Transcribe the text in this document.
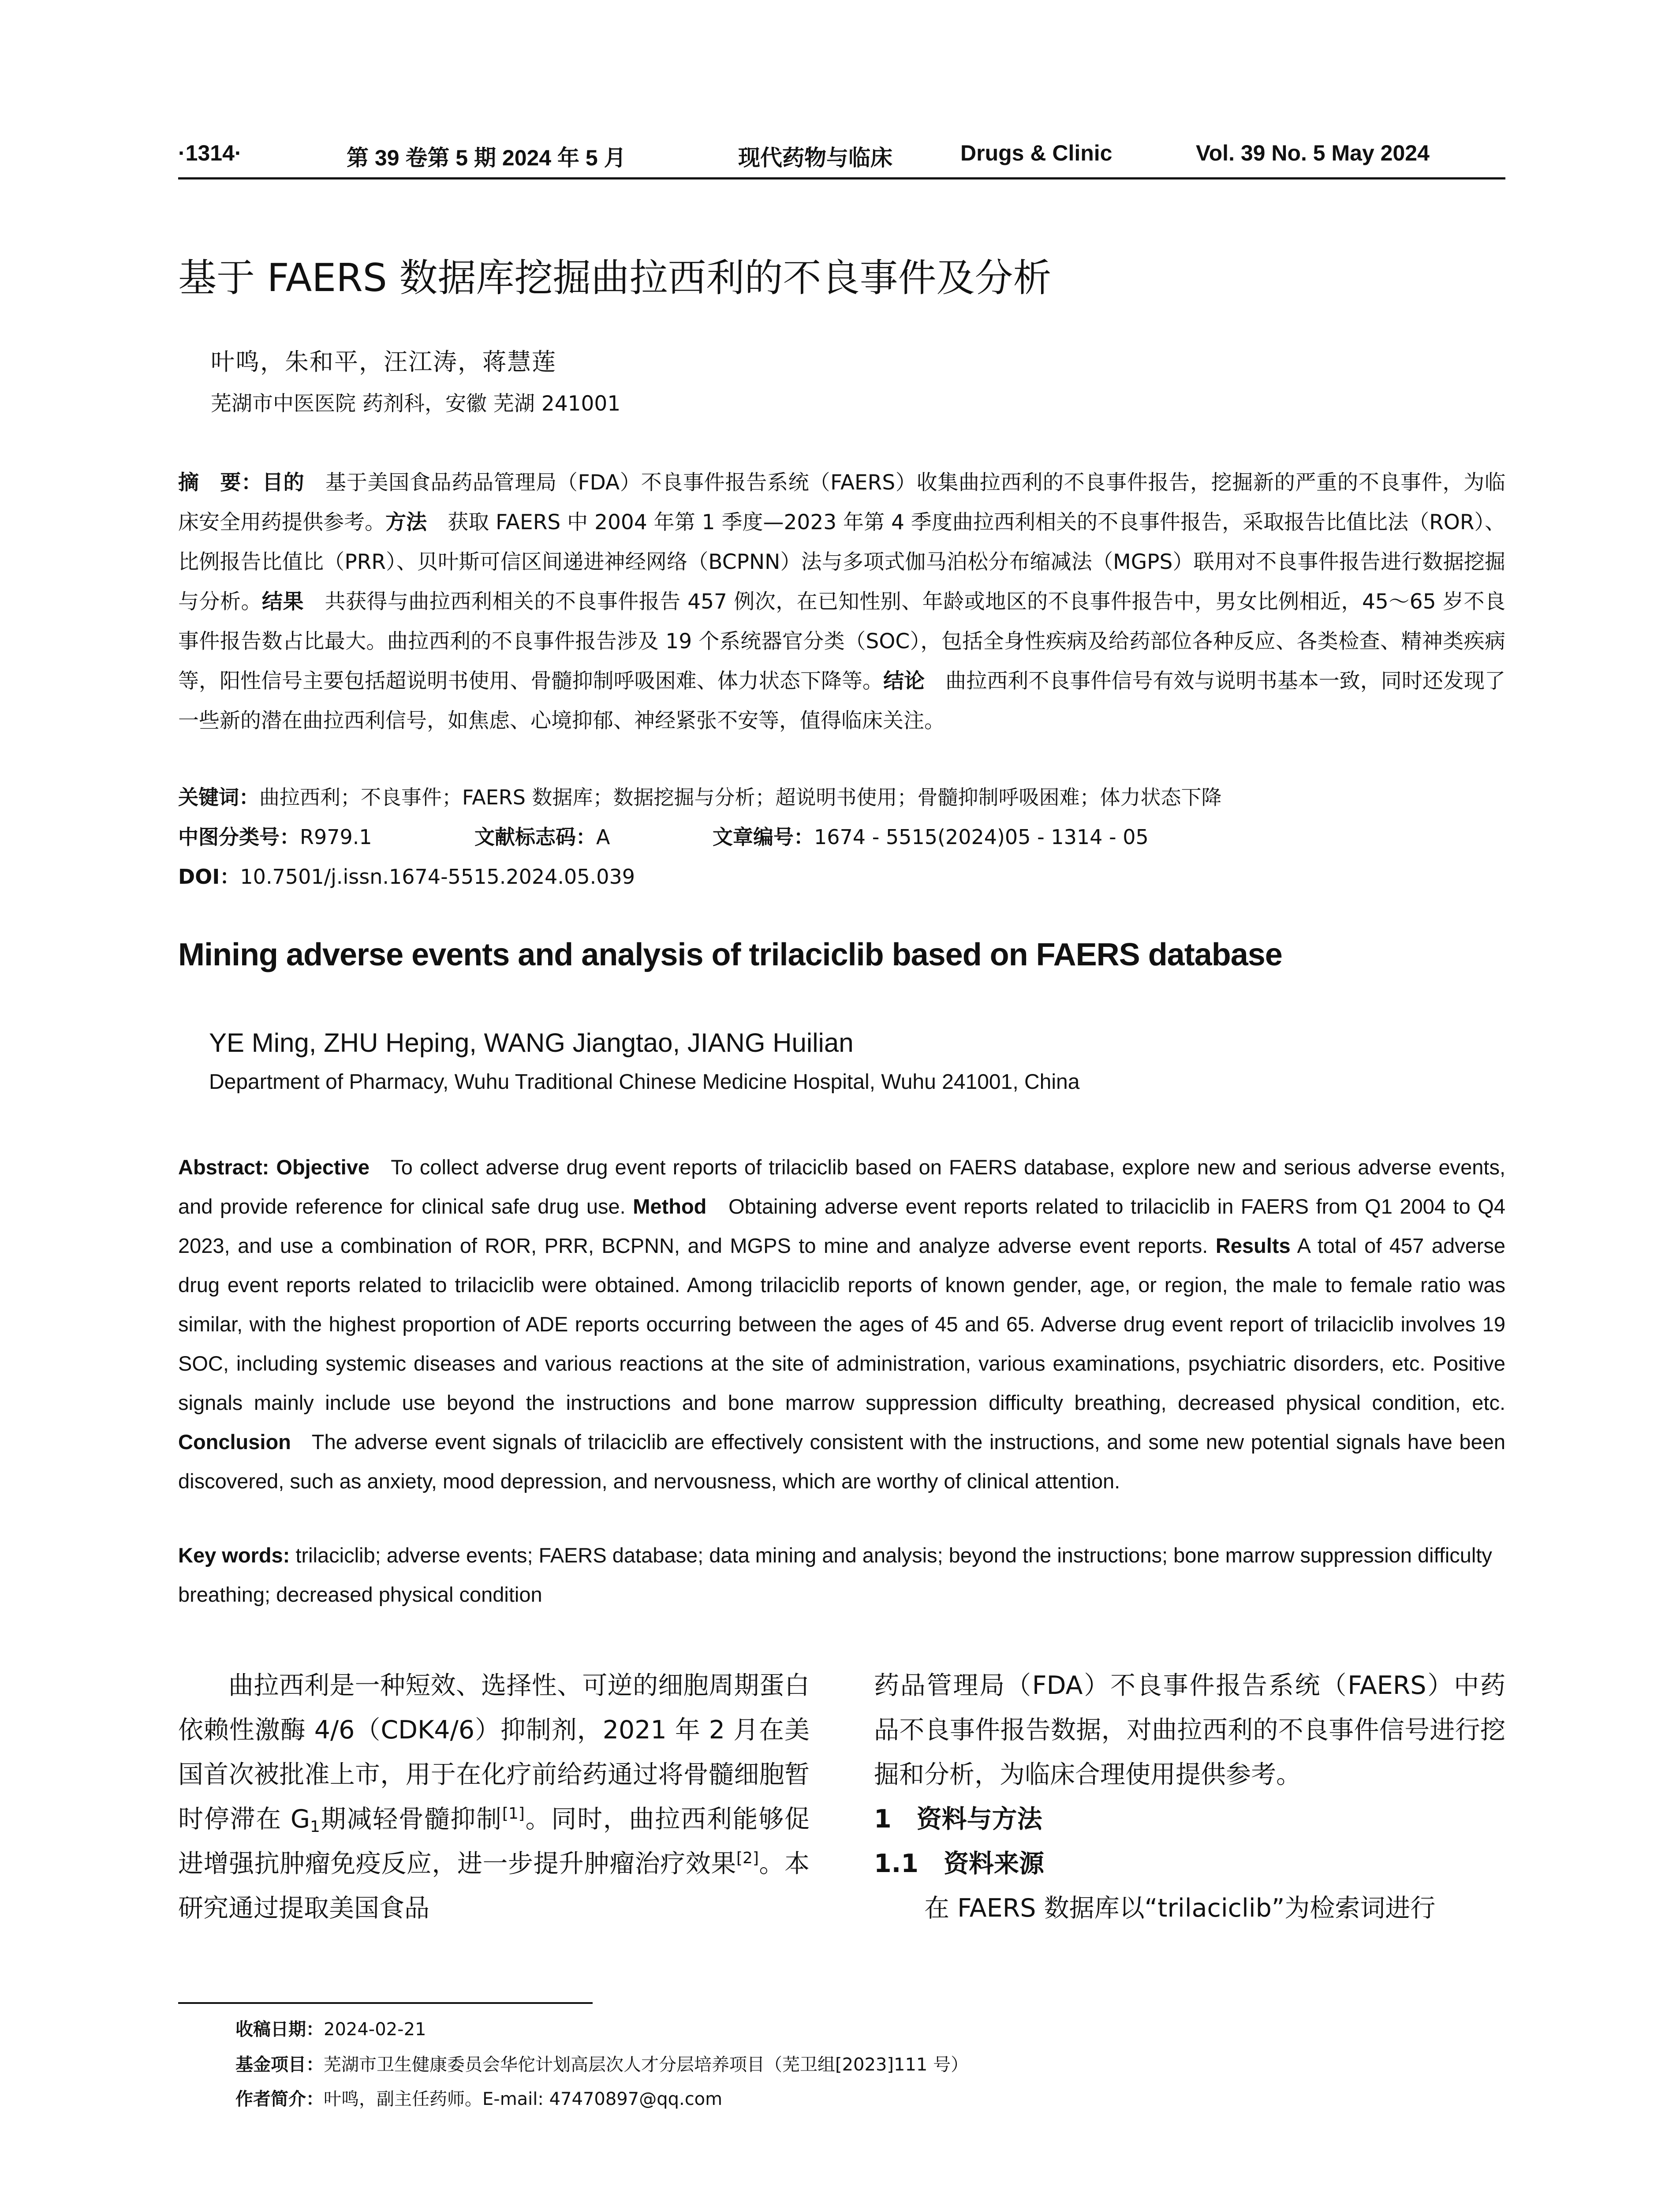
·1314·	第 39 卷第 5 期 2024 年 5 月	现代药物与临床	Drugs & Clinic	Vol. 39 No. 5 May 2024
基于 FAERS 数据库挖掘曲拉西利的不良事件及分析
叶鸣，朱和平，汪江涛，蒋慧莲
芜湖市中医医院 药剂科，安徽 芜湖 241001
摘　要：目的　 基于美国食品药品管理局（FDA）不良事件报告系统（FAERS）收集曲拉西利的不良事件报告，挖掘新的严重的不良事件，为临床安全用药提供参考。方法　 获取 FAERS 中 2004 年第 1 季度—2023 年第 4 季度曲拉西利相关的不良事件报告，采取报告比值比法（ROR）、比例报告比值比（PRR）、贝叶斯可信区间递进神经网络（BCPNN）法与多项式伽马泊松分布缩减法（MGPS）联用对不良事件报告进行数据挖掘与分析。结果　 共获得与曲拉西利相关的不良事件报告 457 例次，在已知性别、年龄或地区的不良事件报告中，男女比例相近，45～65 岁不良事件报告数占比最大。曲拉西利的不良事件报告涉及 19 个系统器官分类（SOC），包括全身性疾病及给药部位各种反应、各类检查、精神类疾病等，阳性信号主要包括超说明书使用、骨髓抑制呼吸困难、体力状态下降等。结论　 曲拉西利不良事件信号有效与说明书基本一致，同时还发现了一些新的潜在曲拉西利信号，如焦虑、心境抑郁、神经紧张不安等，值得临床关注。
关键词：曲拉西利；不良事件；FAERS 数据库；数据挖掘与分析；超说明书使用；骨髓抑制呼吸困难；体力状态下降
中图分类号：R979.1	文献标志码：A	文章编号：1674 - 5515(2024)05 - 1314 - 05
DOI：10.7501/j.issn.1674-5515.2024.05.039
Mining adverse events and analysis of trilaciclib based on FAERS database
YE Ming, ZHU Heping, WANG Jiangtao, JIANG Huilian
Department of Pharmacy, Wuhu Traditional Chinese Medicine Hospital, Wuhu 241001, China
Abstract: Objective To collect adverse drug event reports of trilaciclib based on FAERS database, explore new and serious adverse events, and provide reference for clinical safe drug use. Method Obtaining adverse event reports related to trilaciclib in FAERS from Q1 2004 to Q4 2023, and use a combination of ROR, PRR, BCPNN, and MGPS to mine and analyze adverse event reports. Results A total of 457 adverse drug event reports related to trilaciclib were obtained. Among trilaciclib reports of known gender, age, or region, the male to female ratio was similar, with the highest proportion of ADE reports occurring between the ages of 45 and 65. Adverse drug event report of trilaciclib involves 19 SOC, including systemic diseases and various reactions at the site of administration, various examinations, psychiatric disorders, etc. Positive signals mainly include use beyond the instructions and bone marrow suppression difficulty breathing, decreased physical condition, etc. Conclusion The adverse event signals of trilaciclib are effectively consistent with the instructions, and some new potential signals have been discovered, such as anxiety, mood depression, and nervousness, which are worthy of clinical attention.
Key words: trilaciclib; adverse events; FAERS database; data mining and analysis; beyond the instructions; bone marrow suppression difficulty breathing; decreased physical condition

曲拉西利是一种短效、选择性、可逆的细胞周期蛋白依赖性激酶 4/6（CDK4/6）抑制剂，2021 年 2 月在美国首次被批准上市，用于在化疗前给药通过将骨髓细胞暂时停滞在 $G_1$期减轻骨髓抑制[1]。同时，曲拉西利能够促进增强抗肿瘤免疫反应，进一步提升肿瘤治疗效果[2]。本研究通过提取美国食品

药品管理局（FDA）不良事件报告系统（FAERS）中药品不良事件报告数据，对曲拉西利的不良事件信号进行挖掘和分析，为临床合理使用提供参考。

1　资料与方法
1.1　资料来源

在 FAERS 数据库以“trilaciclib”为检索词进行

收稿日期：2024-02-21
基金项目：芜湖市卫生健康委员会华佗计划高层次人才分层培养项目（芜卫组[2023]111 号）
作者简介：叶鸣，副主任药师。E-mail: 47470897@qq.com
